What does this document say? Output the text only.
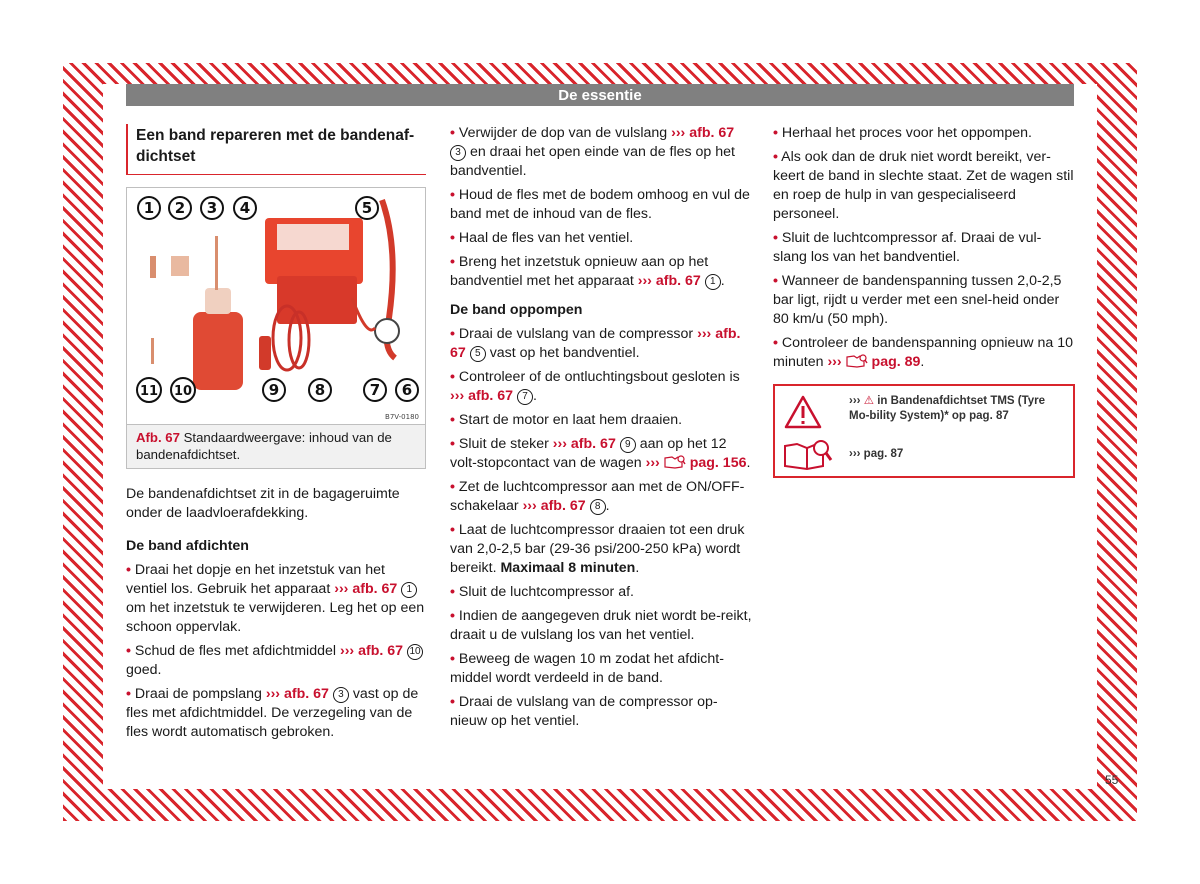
De essentie
Een band repareren met de bandenaf-dichtset
1 2 3 4	5
6
7
8
9
10
11
B7V-0180
Afb. 67 Standaardweergave: inhoud van de bandenafdichtset.

De bandenafdichtset zit in de bagageruimte onder de laadvloerafdekking.

De band afdichten

• Draai het dopje en het inzetstuk van het ventiel los. Gebruik het apparaat ››› afb. 67 1 om het inzetstuk te verwijderen. Leg het op een schoon oppervlak.

• Schud de fles met afdichtmiddel ››› afb. 67 10 goed.

• Draai de pompslang ››› afb. 67 3 vast op de fles met afdichtmiddel. De verzegeling van de fles wordt automatisch gebroken.

• Verwijder de dop van de vulslang ››› afb. 67 3 en draai het open einde van de fles op het bandventiel.

• Houd de fles met de bodem omhoog en vul de band met de inhoud van de fles.

• Haal de fles van het ventiel.

• Breng het inzetstuk opnieuw aan op het bandventiel met het apparaat ››› afb. 67 1 .

De band oppompen

• Draai de vulslang van de compressor ››› afb. 67 5 vast op het bandventiel.

• Controleer of de ontluchtingsbout gesloten is ››› afb. 67 7 .

• Start de motor en laat hem draaien.

• Sluit de steker ››› afb. 67 9 aan op het 12 volt-stopcontact van de wagen ››› pag. 156.

• Zet de luchtcompressor aan met de ON/OFF-schakelaar ››› afb. 67 8 .

• Laat de luchtcompressor draaien tot een druk van 2,0-2,5 bar (29-36 psi/200-250 kPa) wordt bereikt. Maximaal 8 minuten.

• Sluit de luchtcompressor af.

• Indien de aangegeven druk niet wordt be-reikt, draait u de vulslang los van het ventiel.

• Beweeg de wagen 10 m zodat het afdicht-middel wordt verdeeld in de band.

• Draai de vulslang van de compressor op-nieuw op het ventiel.

• Herhaal het proces voor het oppompen.

• Als ook dan de druk niet wordt bereikt, ver-keert de band in slechte staat. Zet de wagen stil en roep de hulp in van gespecialiseerd personeel.

• Sluit de luchtcompressor af. Draai de vul-slang los van het bandventiel.

• Wanneer de bandenspanning tussen 2,0-2,5 bar ligt, rijdt u verder met een snel-heid onder 80 km/u (50 mph).

• Controleer de bandenspanning opnieuw na 10 minuten ››› pag. 89.

››› ⚠ in Bandenafdichtset TMS (Tyre Mo-bility System)* op pag. 87
››› pag. 87
55
